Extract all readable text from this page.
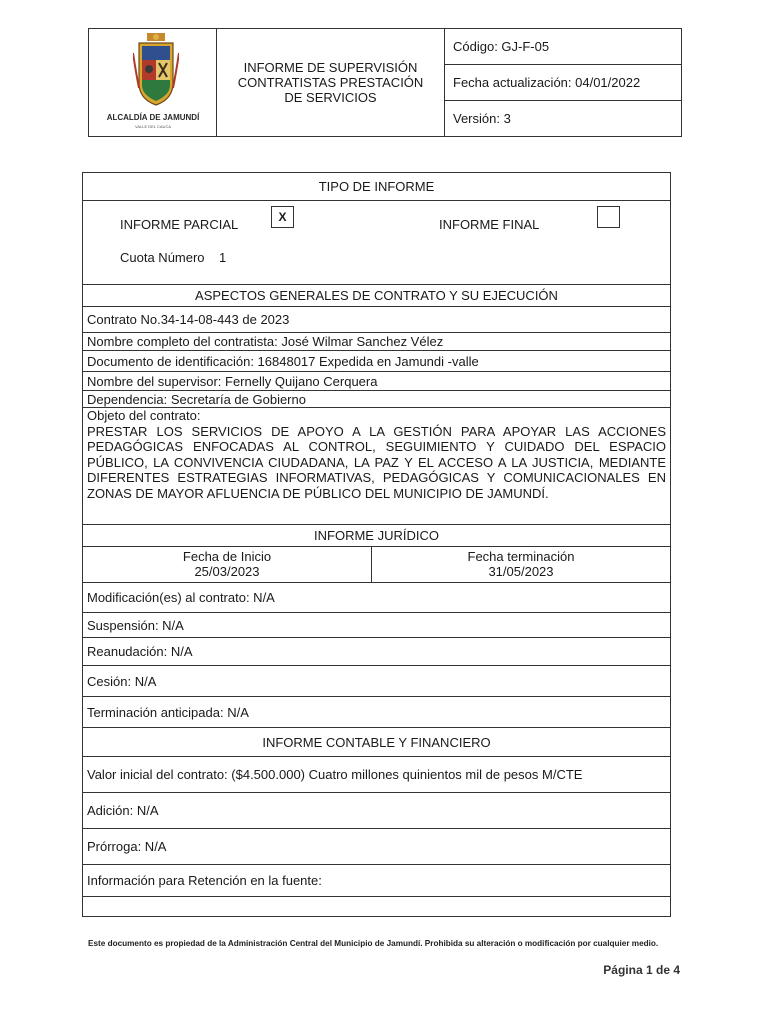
ALCALDÍA DE JAMUNDÍ
VALLE DEL CAUCA
INFORME DE SUPERVISIÓN CONTRATISTAS PRESTACIÓN DE SERVICIOS
Código: GJ-F-05
Fecha actualización: 04/01/2022
Versión: 3
TIPO DE INFORME
INFORME PARCIAL	X	INFORME FINAL
Cuota Número    1
ASPECTOS GENERALES DE CONTRATO Y SU EJECUCIÓN
Contrato No.34-14-08-443 de 2023
Nombre completo del contratista: José Wilmar Sanchez Vélez
Documento de identificación: 16848017 Expedida en Jamundi -valle
Nombre del supervisor: Fernelly Quijano Cerquera
Dependencia: Secretaría de Gobierno
Objeto del contrato:
PRESTAR LOS SERVICIOS DE APOYO A LA GESTIÓN PARA APOYAR LAS ACCIONES PEDAGÓGICAS ENFOCADAS AL CONTROL, SEGUIMIENTO Y CUIDADO DEL ESPACIO PÚBLICO, LA CONVIVENCIA CIUDADANA, LA PAZ Y EL ACCESO A LA JUSTICIA, MEDIANTE DIFERENTES ESTRATEGIAS INFORMATIVAS, PEDAGÓGICAS Y COMUNICACIONALES EN ZONAS DE MAYOR AFLUENCIA DE PÚBLICO DEL MUNICIPIO DE JAMUNDÍ.
INFORME JURÍDICO
Fecha de Inicio
25/03/2023
Fecha terminación
31/05/2023
Modificación(es) al contrato: N/A
Suspensión: N/A
Reanudación: N/A
Cesión: N/A
Terminación anticipada: N/A
INFORME CONTABLE Y FINANCIERO
Valor inicial del contrato: ($4.500.000) Cuatro millones quinientos mil de pesos M/CTE
Adición: N/A
Prórroga: N/A
Información para Retención en la fuente:
Este documento es propiedad de la Administración Central del Municipio de Jamundí. Prohibida su alteración o modificación por cualquier medio.
Página 1 de 4
